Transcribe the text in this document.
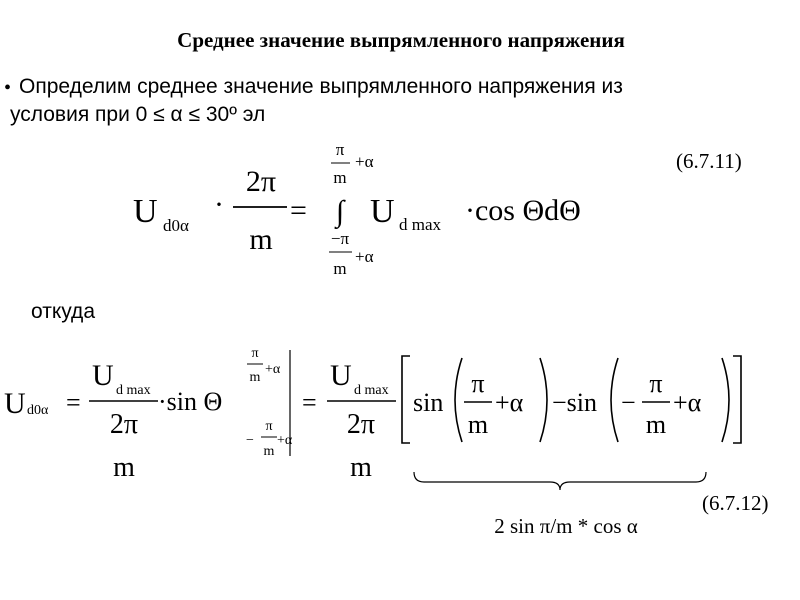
Среднее значение выпрямленного напряжения
• Определим среднее значение выпрямленного напряжения из
условия при 0 ≤ α ≤ 30º эл
(6.7.11)
U d0α
·
2π
m
=
π
m
+α
∫
−π
m
+α
U d max ·cos ΘdΘ
откуда
U d0α =
U d max
2π
m
·sin Θ
π
m
+α
−
π
m
+α
=
U d max
2π
m
sin
π
m
+α −sin −
π
m
+α
(6.7.12)
2 sin π/m * cos α
